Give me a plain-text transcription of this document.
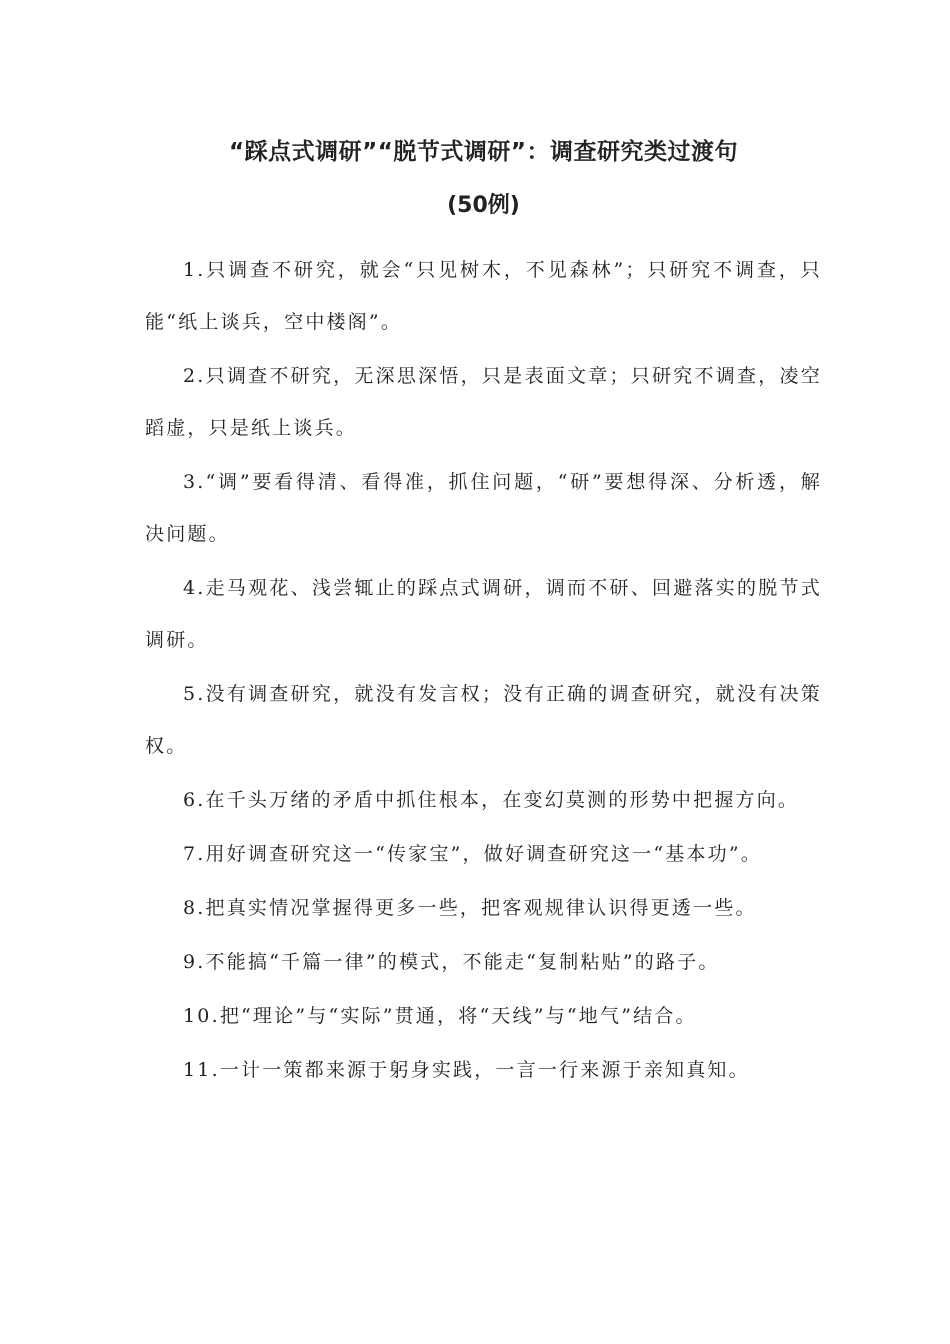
“踩点式调研”“脱节式调研”：调查研究类过渡句
(50例)
1.只调查不研究，就会“只见树木，不见森林”；只研究不调查，只能“纸上谈兵，空中楼阁”。
2.只调查不研究，无深思深悟，只是表面文章；只研究不调查，凌空蹈虚，只是纸上谈兵。
3.“调”要看得清、看得准，抓住问题，“研”要想得深、分析透，解决问题。
4.走马观花、浅尝辄止的踩点式调研，调而不研、回避落实的脱节式调研。
5.没有调查研究，就没有发言权；没有正确的调查研究，就没有决策权。
6.在千头万绪的矛盾中抓住根本，在变幻莫测的形势中把握方向。
7.用好调查研究这一“传家宝”，做好调查研究这一“基本功”。
8.把真实情况掌握得更多一些，把客观规律认识得更透一些。
9.不能搞“千篇一律”的模式，不能走“复制粘贴”的路子。
10.把“理论”与“实际”贯通，将“天线”与“地气”结合。
11.一计一策都来源于躬身实践，一言一行来源于亲知真知。
